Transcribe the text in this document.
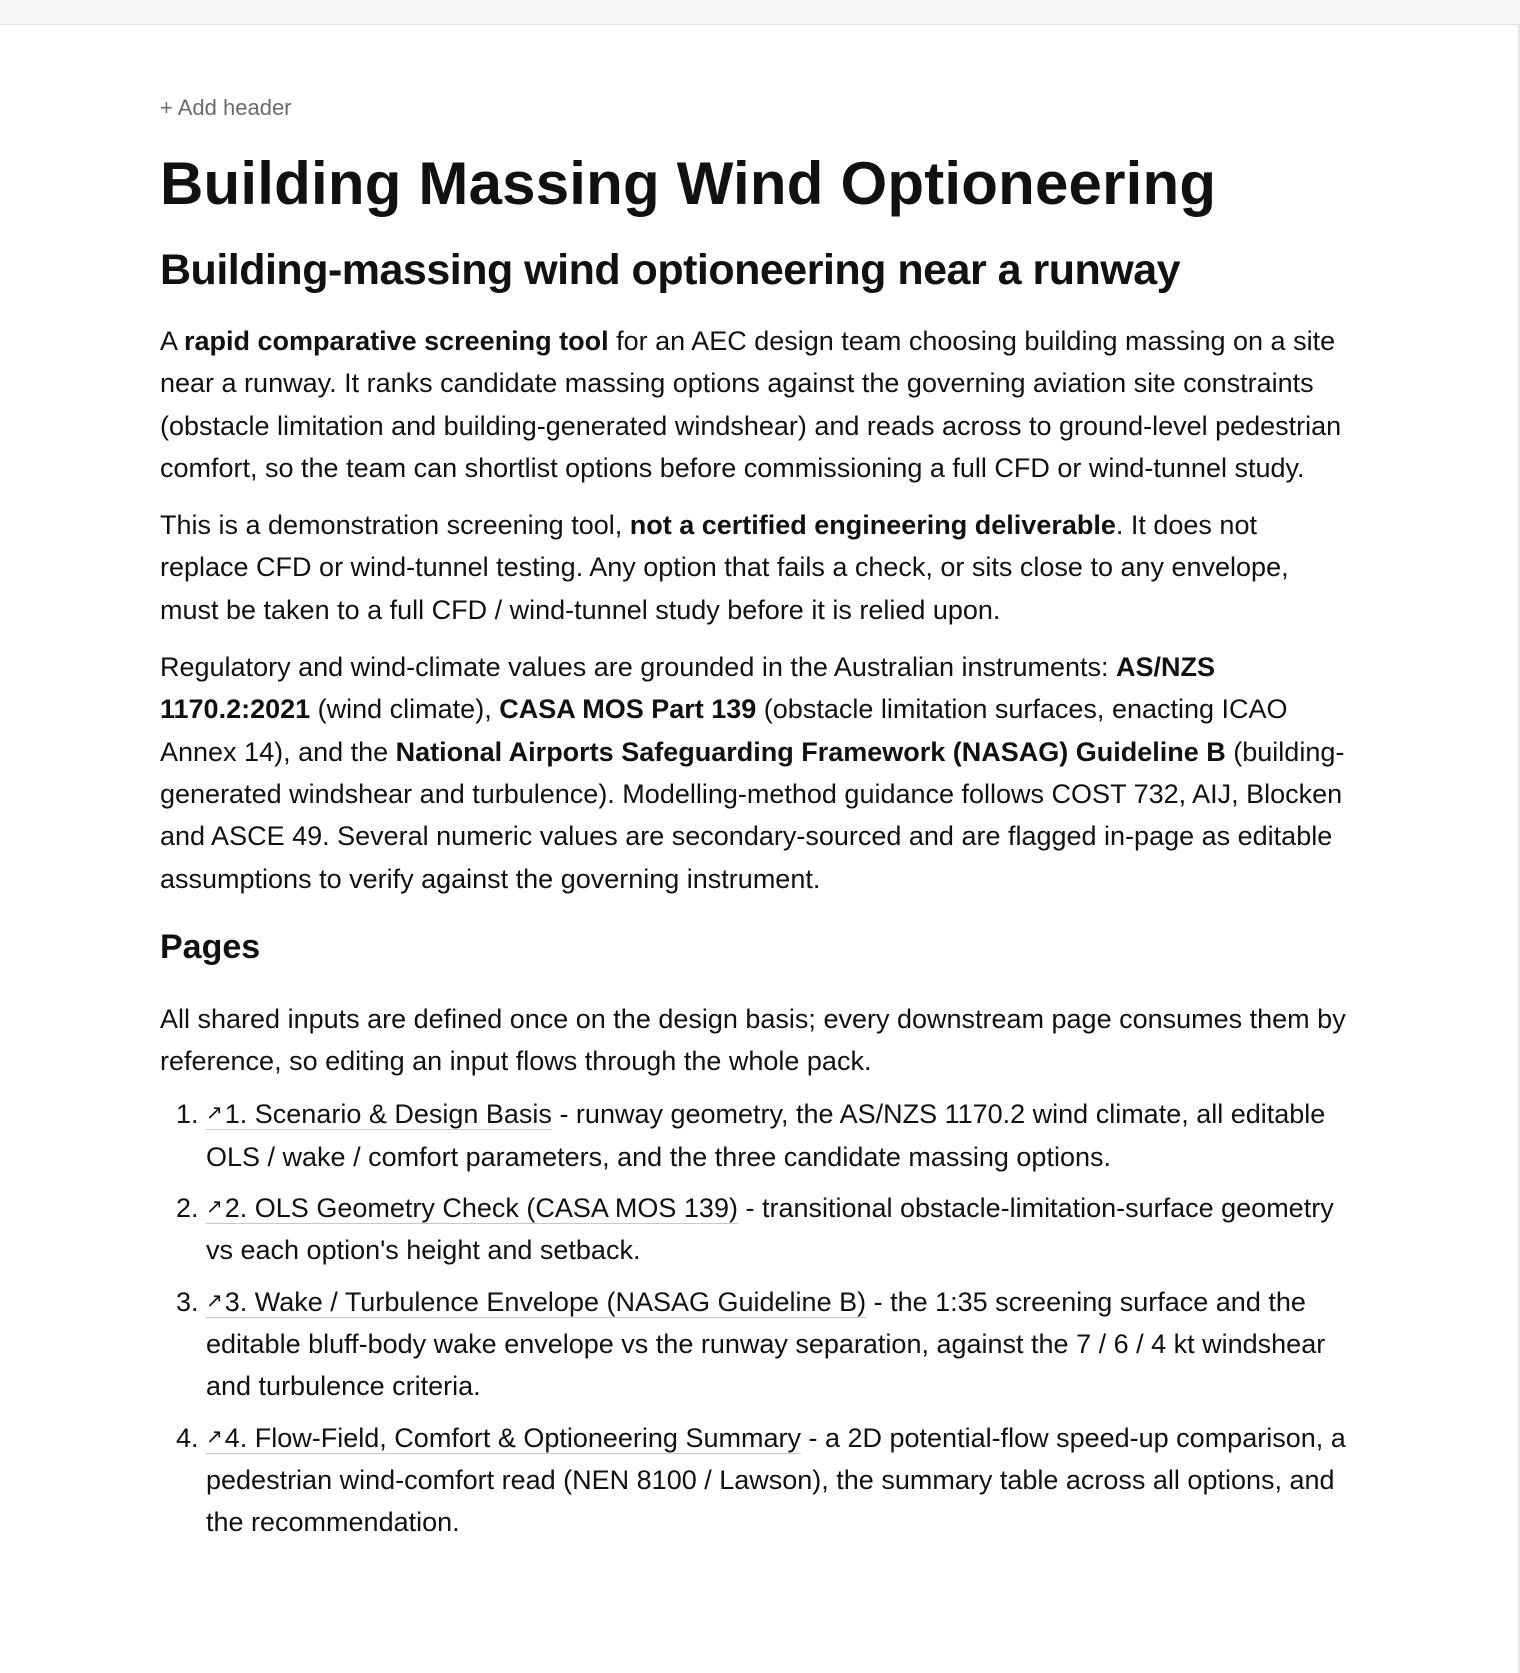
+ Add header
Building Massing Wind Optioneering
Building-massing wind optioneering near a runway

A rapid comparative screening tool for an AEC design team choosing building massing on a site near a runway. It ranks candidate massing options against the governing aviation site constraints (obstacle limitation and building-generated windshear) and reads across to ground-level pedestrian comfort, so the team can shortlist options before commissioning a full CFD or wind-tunnel study.

This is a demonstration screening tool, not a certified engineering deliverable. It does not replace CFD or wind-tunnel testing. Any option that fails a check, or sits close to any envelope, must be taken to a full CFD / wind-tunnel study before it is relied upon.

Regulatory and wind-climate values are grounded in the Australian instruments: AS/NZS 1170.2:2021 (wind climate), CASA MOS Part 139 (obstacle limitation surfaces, enacting ICAO Annex 14), and the National Airports Safeguarding Framework (NASAG) Guideline B (building-generated windshear and turbulence). Modelling-method guidance follows COST 732, AIJ, Blocken and ASCE 49. Several numeric values are secondary-sourced and are flagged in-page as editable assumptions to verify against the governing instrument.

Pages

All shared inputs are defined once on the design basis; every downstream page consumes them by reference, so editing an input flows through the whole pack.

1. ↗1. Scenario & Design Basis - runway geometry, the AS/NZS 1170.2 wind climate, all editable OLS / wake / comfort parameters, and the three candidate massing options.
2. ↗2. OLS Geometry Check (CASA MOS 139) - transitional obstacle-limitation-surface geometry vs each option's height and setback.
3. ↗3. Wake / Turbulence Envelope (NASAG Guideline B) - the 1:35 screening surface and the editable bluff-body wake envelope vs the runway separation, against the 7 / 6 / 4 kt windshear and turbulence criteria.
4. ↗4. Flow-Field, Comfort & Optioneering Summary - a 2D potential-flow speed-up comparison, a pedestrian wind-comfort read (NEN 8100 / Lawson), the summary table across all options, and the recommendation.
